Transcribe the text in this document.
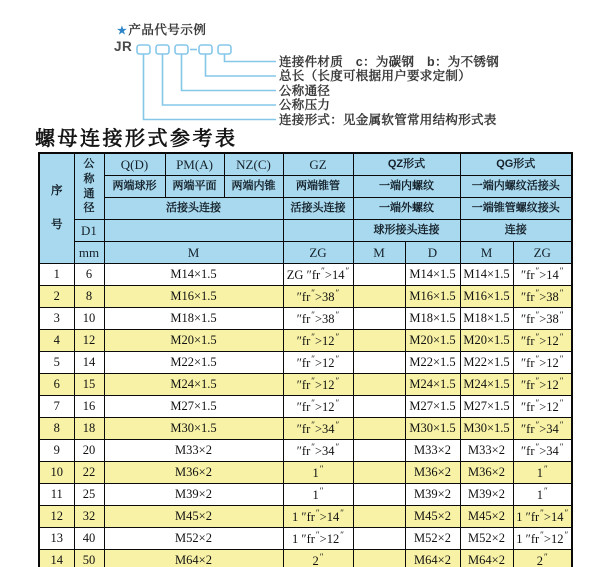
★产品代号示例
JR
连接件材质　c：为碳钢　b：为不锈钢
总长（长度可根据用户要求定制）
公称通径
公称压力
连接形式：见金属软管常用结构形式表
螺母连接形式参考表
序号	公称通径	Q(D)	PM(A)	NZ(C)	GZ	QZ形式		QG形式	
		两端球形	两端平面	两端内锥	两端锥管	一端内螺纹		一端内螺纹活接头	
		活接头连接			活接头连接	一端外螺纹		一端锥管螺纹接头	
	D1					球形接头连接		连接	
	mm	M			ZG	M	D	M	ZG
1	6	M14×1.5			ZG ″fr″>14″		M14×1.5	M14×1.5	″fr″>14″
2	8	M16×1.5			″fr″>38″		M16×1.5	M16×1.5	″fr″>38″
3	10	M18×1.5			″fr″>38″		M18×1.5	M18×1.5	″fr″>38″
4	12	M20×1.5			″fr″>12″		M20×1.5	M20×1.5	″fr″>12″
5	14	M22×1.5			″fr″>12″		M22×1.5	M22×1.5	″fr″>12″
6	15	M24×1.5			″fr″>12″		M24×1.5	M24×1.5	″fr″>12″
7	16	M27×1.5			″fr″>12″		M27×1.5	M27×1.5	″fr″>12″
8	18	M30×1.5			″fr″>34″		M30×1.5	M30×1.5	″fr″>34″
9	20	M33×2			″fr″>34″		M33×2	M33×2	″fr″>34″
10	22	M36×2			1″		M36×2	M36×2	1″
11	25	M39×2			1″		M39×2	M39×2	1″
12	32	M45×2			1 ″fr″>14″		M45×2	M45×2	1 ″fr″>14″
13	40	M52×2			1 ″fr″>12″		M52×2	M52×2	1 ″fr″>12″
14	50	M64×2			2″		M64×2	M64×2	2″
